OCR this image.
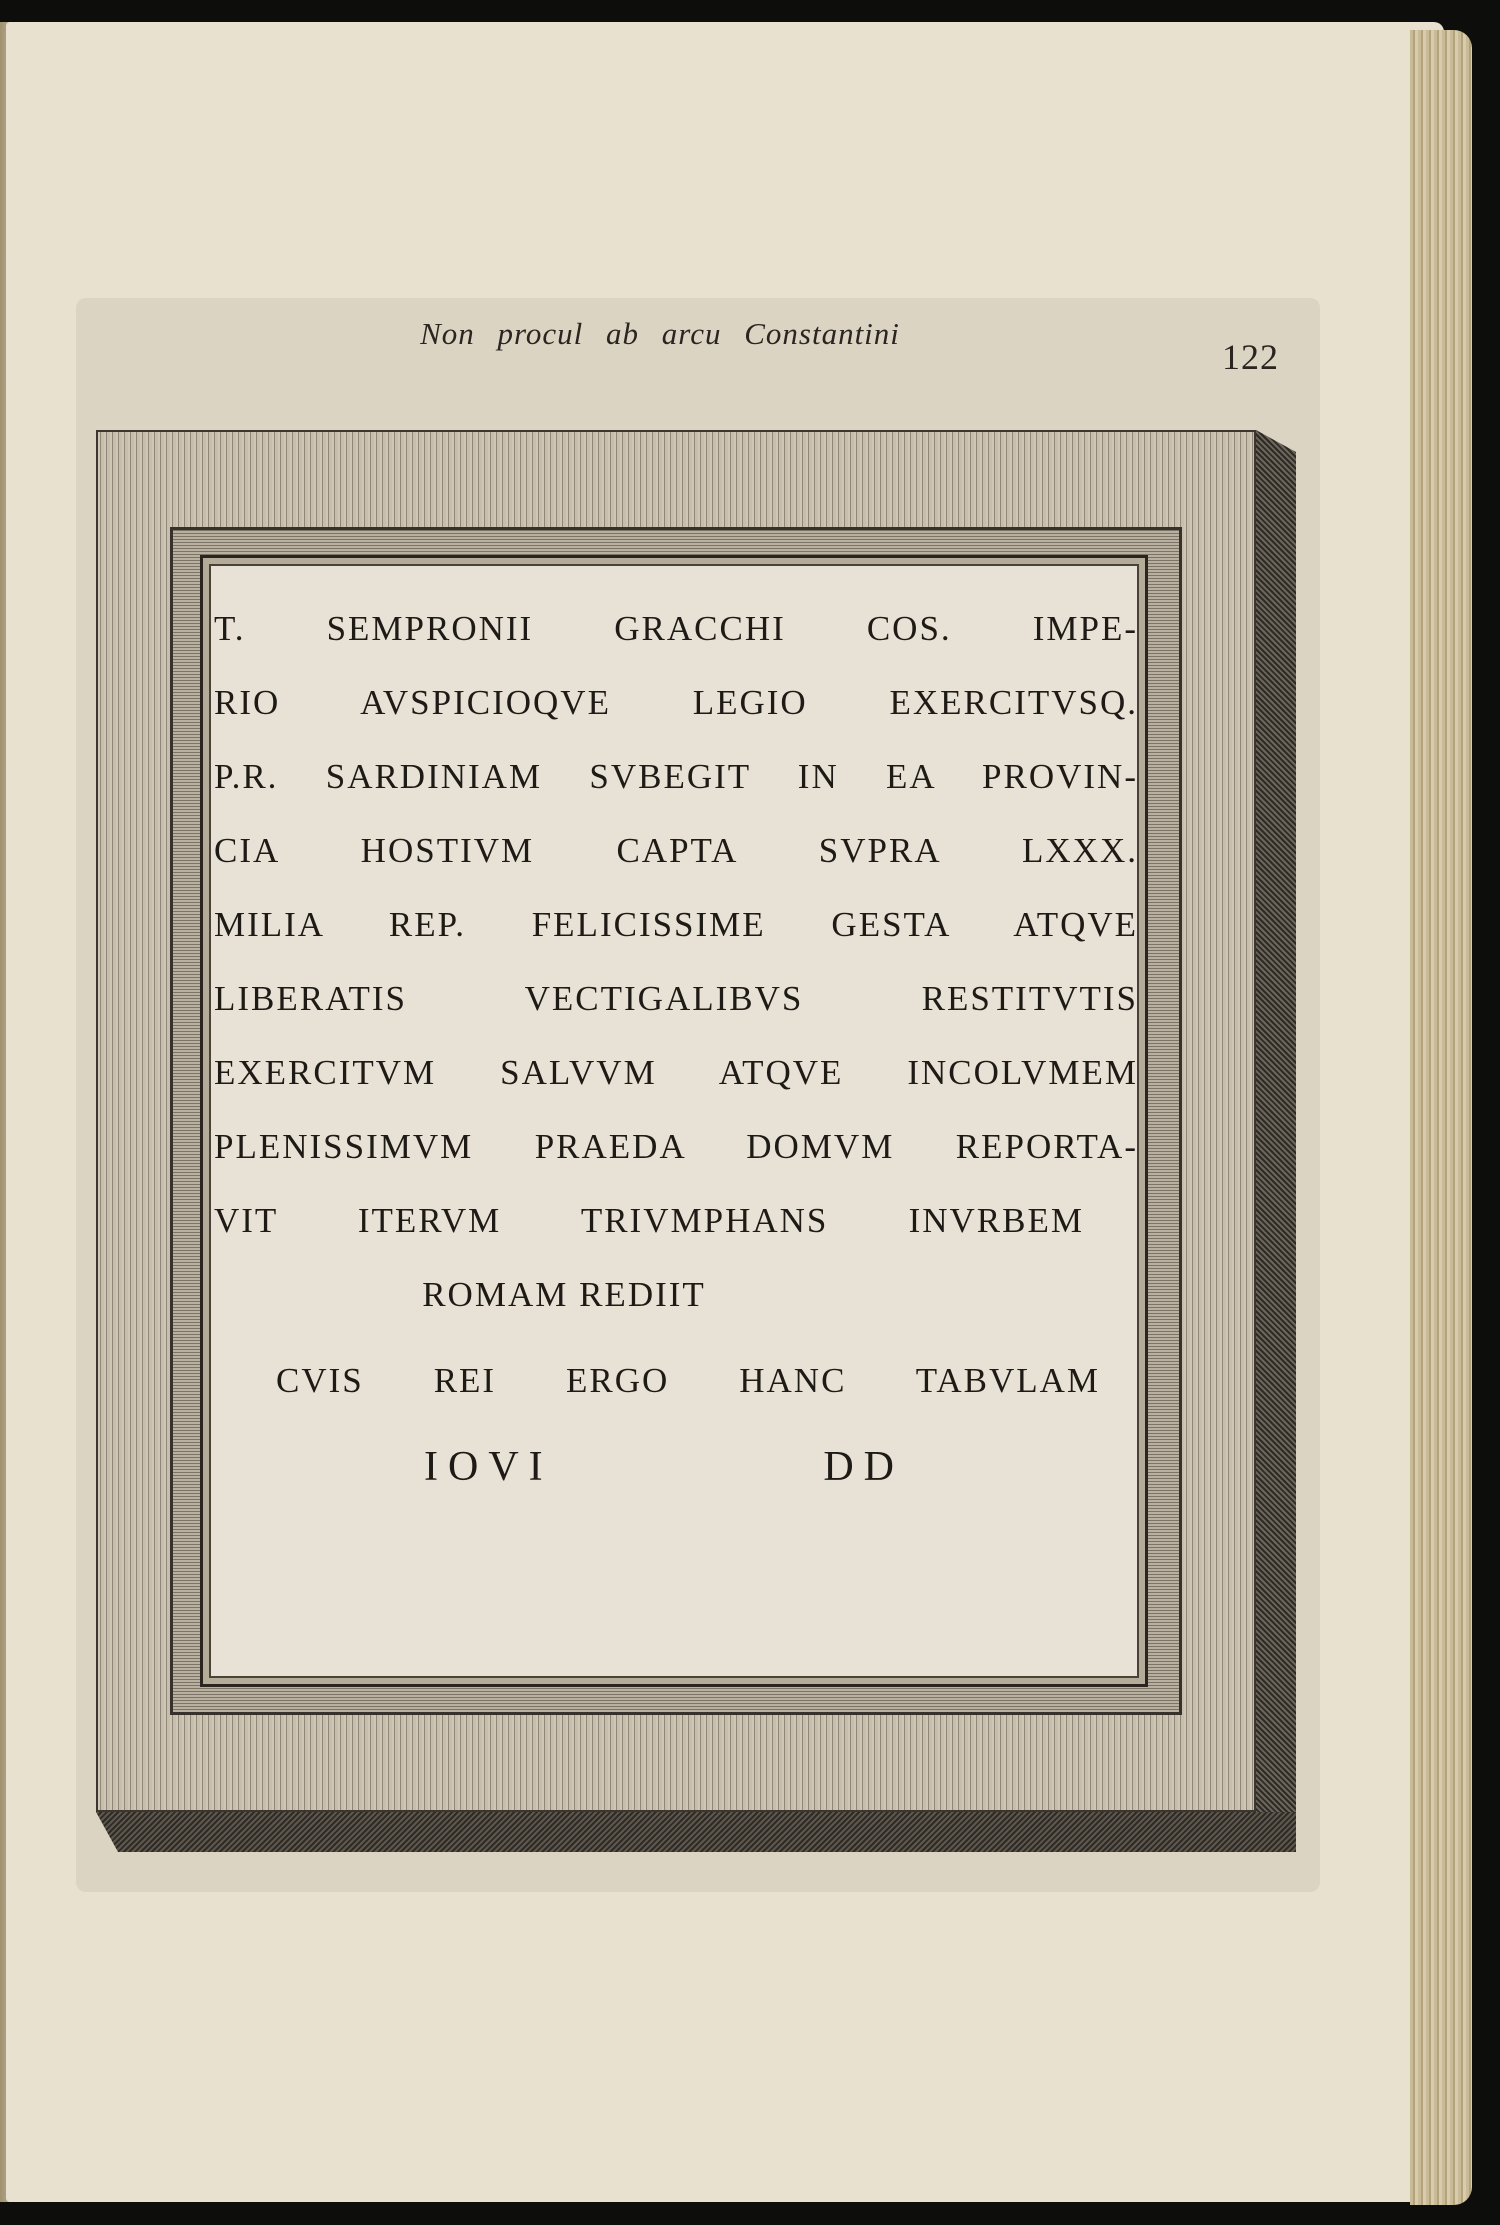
Non procul ab arcu Constantini
122
T. SEMPRONII GRACCHI COS. IMPE-
RIO AVSPICIOQVE LEGIO EXERCITVSQ.
P.R. SARDINIAM SVBEGIT IN EA PROVIN-
CIA HOSTIVM CAPTA SVPRA LXXX.
MILIA REP. FELICISSIME GESTA ATQVE
LIBERATIS VECTIGALIBVS RESTITVTIS
EXERCITVM SALVVM ATQVE INCOLVMEM
PLENISSIMVM PRAEDA DOMVM REPORTA-
VIT ITERVM TRIVMPHANS INVRBEM
ROMAM REDIIT
CVIS REI ERGO HANC TABVLAM
IOVI DD
